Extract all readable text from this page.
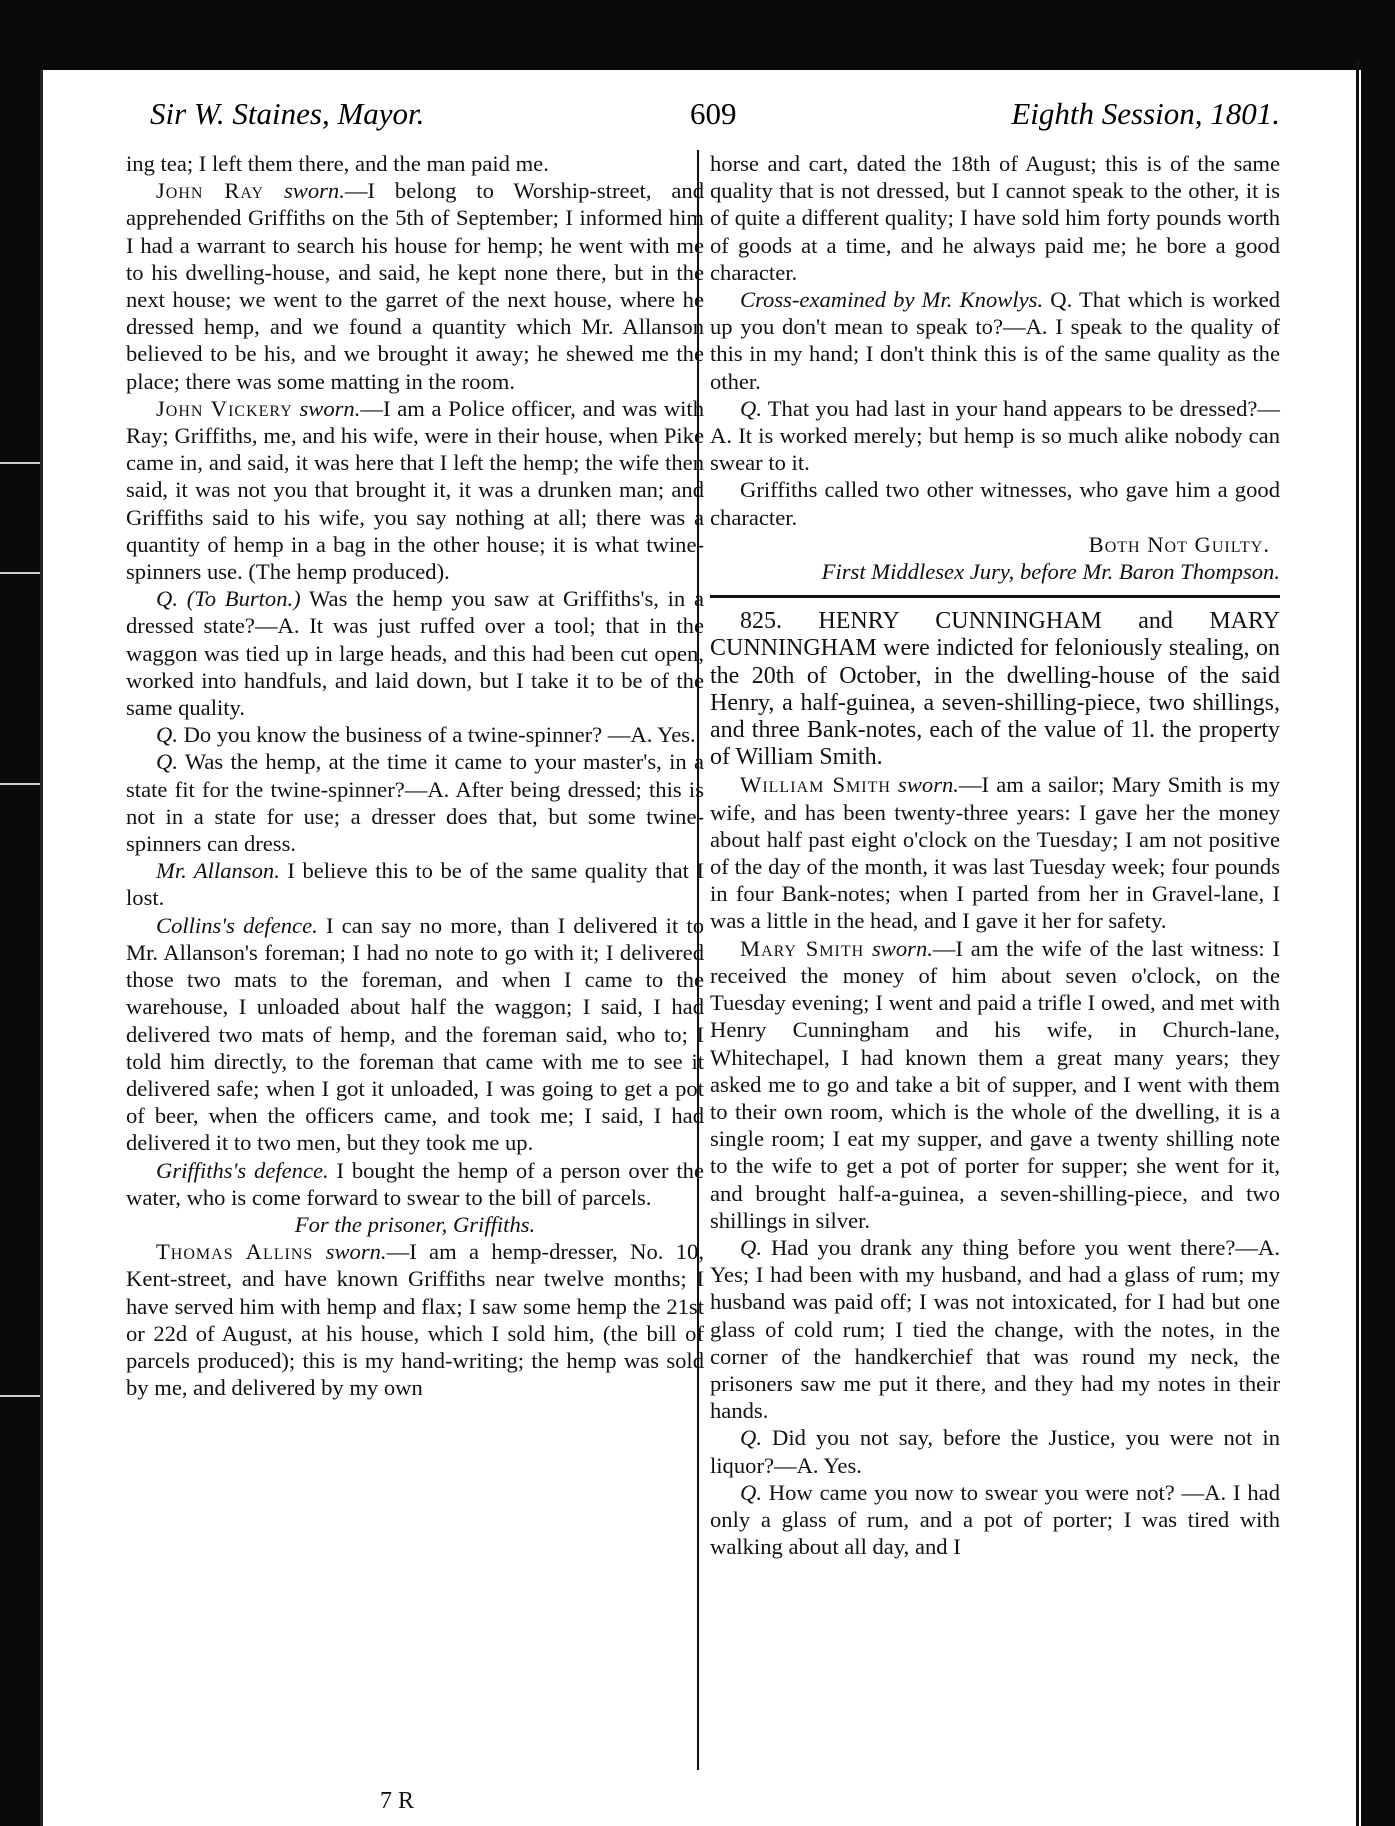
Sir W. Staines, Mayor.	609	Eighth Session, 1801.

ing tea; I left them there, and the man paid me.

John Ray sworn.—I belong to Worship-street, and apprehended Griffiths on the 5th of September; I informed him I had a warrant to search his house for hemp; he went with me to his dwelling-house, and said, he kept none there, but in the next house; we went to the garret of the next house, where he dressed hemp, and we found a quantity which Mr. Allanson believed to be his, and we brought it away; he shewed me the place; there was some matting in the room.

John Vickery sworn.—I am a Police officer, and was with Ray; Griffiths, me, and his wife, were in their house, when Pike came in, and said, it was here that I left the hemp; the wife then said, it was not you that brought it, it was a drunken man; and Griffiths said to his wife, you say nothing at all; there was a quantity of hemp in a bag in the other house; it is what twine-spinners use. (The hemp produced).

Q. (To Burton.) Was the hemp you saw at Griffiths's, in a dressed state?—A. It was just ruffed over a tool; that in the waggon was tied up in large heads, and this had been cut open, worked into handfuls, and laid down, but I take it to be of the same quality.

Q. Do you know the business of a twine-spinner? —A. Yes.

Q. Was the hemp, at the time it came to your master's, in a state fit for the twine-spinner?—A. After being dressed; this is not in a state for use; a dresser does that, but some twine-spinners can dress.

Mr. Allanson. I believe this to be of the same quality that I lost.

Collins's defence. I can say no more, than I delivered it to Mr. Allanson's foreman; I had no note to go with it; I delivered those two mats to the foreman, and when I came to the warehouse, I unloaded about half the waggon; I said, I had delivered two mats of hemp, and the foreman said, who to; I told him directly, to the foreman that came with me to see it delivered safe; when I got it unloaded, I was going to get a pot of beer, when the officers came, and took me; I said, I had delivered it to two men, but they took me up.

Griffiths's defence. I bought the hemp of a person over the water, who is come forward to swear to the bill of parcels.

For the prisoner, Griffiths.

Thomas Allins sworn.—I am a hemp-dresser, No. 10, Kent-street, and have known Griffiths near twelve months; I have served him with hemp and flax; I saw some hemp the 21st or 22d of August, at his house, which I sold him, (the bill of parcels produced); this is my hand-writing; the hemp was sold by me, and delivered by my own

horse and cart, dated the 18th of August; this is of the same quality that is not dressed, but I cannot speak to the other, it is of quite a different quality; I have sold him forty pounds worth of goods at a time, and he always paid me; he bore a good character.

Cross-examined by Mr. Knowlys. Q. That which is worked up you don't mean to speak to?—A. I speak to the quality of this in my hand; I don't think this is of the same quality as the other.

Q. That you had last in your hand appears to be dressed?—A. It is worked merely; but hemp is so much alike nobody can swear to it.

Griffiths called two other witnesses, who gave him a good character.

Both Not Guilty.

First Middlesex Jury, before Mr. Baron Thompson.

825. HENRY CUNNINGHAM and MARY CUNNINGHAM were indicted for feloniously stealing, on the 20th of October, in the dwelling-house of the said Henry, a half-guinea, a seven-shilling-piece, two shillings, and three Bank-notes, each of the value of 1l. the property of William Smith.

William Smith sworn.—I am a sailor; Mary Smith is my wife, and has been twenty-three years: I gave her the money about half past eight o'clock on the Tuesday; I am not positive of the day of the month, it was last Tuesday week; four pounds in four Bank-notes; when I parted from her in Gravel-lane, I was a little in the head, and I gave it her for safety.

Mary Smith sworn.—I am the wife of the last witness: I received the money of him about seven o'clock, on the Tuesday evening; I went and paid a trifle I owed, and met with Henry Cunningham and his wife, in Church-lane, Whitechapel, I had known them a great many years; they asked me to go and take a bit of supper, and I went with them to their own room, which is the whole of the dwelling, it is a single room; I eat my supper, and gave a twenty shilling note to the wife to get a pot of porter for supper; she went for it, and brought half-a-guinea, a seven-shilling-piece, and two shillings in silver.

Q. Had you drank any thing before you went there?—A. Yes; I had been with my husband, and had a glass of rum; my husband was paid off; I was not intoxicated, for I had but one glass of cold rum; I tied the change, with the notes, in the corner of the handkerchief that was round my neck, the prisoners saw me put it there, and they had my notes in their hands.

Q. Did you not say, before the Justice, you were not in liquor?—A. Yes.

Q. How came you now to swear you were not? —A. I had only a glass of rum, and a pot of porter; I was tired with walking about all day, and I

7 R
